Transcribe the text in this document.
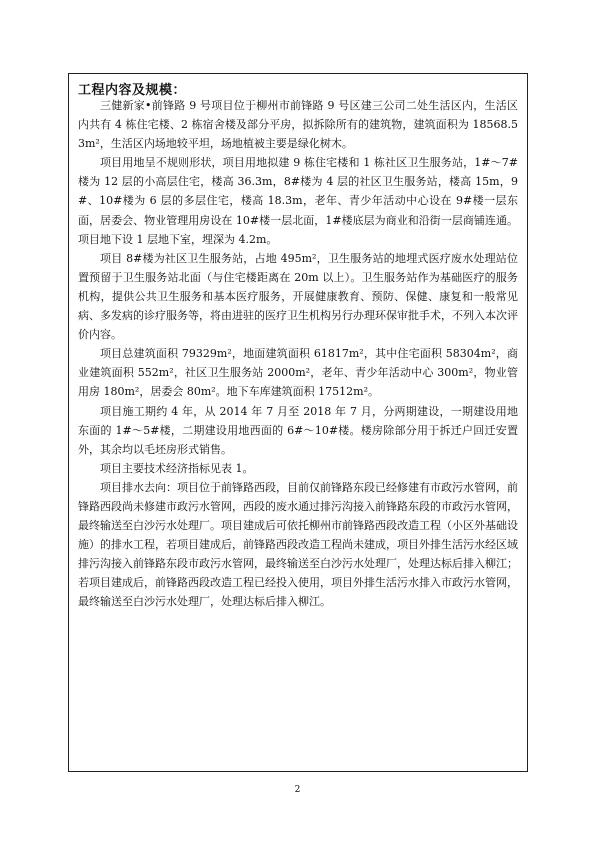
工程内容及规模：

三健新家•前锋路 9 号项目位于柳州市前锋路 9 号区建三公司二处生活区内，生活区内共有 4 栋住宅楼、2 栋宿舍楼及部分平房，拟拆除所有的建筑物，建筑面积为 18568.53m²，生活区内场地较平坦，场地植被主要是绿化树木。

项目用地呈不规则形状，项目用地拟建 9 栋住宅楼和 1 栋社区卫生服务站，1#～7#楼为 12 层的小高层住宅，楼高 36.3m，8#楼为 4 层的社区卫生服务站，楼高 15m，9#、10#楼为 6 层的多层住宅，楼高 18.3m，老年、青少年活动中心设在 9#楼一层东面，居委会、物业管理用房设在 10#楼一层北面，1#楼底层为商业和沿街一层商铺连通。项目地下设 1 层地下室，埋深为 4.2m。

项目 8#楼为社区卫生服务站，占地 495m²，卫生服务站的地埋式医疗废水处理站位置预留于卫生服务站北面（与住宅楼距离在 20m 以上）。卫生服务站作为基础医疗的服务机构，提供公共卫生服务和基本医疗服务，开展健康教育、预防、保健、康复和一般常见病、多发病的诊疗服务等，将由进驻的医疗卫生机构另行办理环保审批手术，不列入本次评价内容。

项目总建筑面积 79329m²，地面建筑面积 61817m²，其中住宅面积 58304m²，商业建筑面积 552m²，社区卫生服务站 2000m²，老年、青少年活动中心 300m²，物业管用房 180m²，居委会 80m²。地下车库建筑面积 17512m²。

项目施工期约 4 年，从 2014 年 7 月至 2018 年 7 月，分两期建设，一期建设用地东面的 1#～5#楼，二期建设用地西面的 6#～10#楼。楼房除部分用于拆迁户回迁安置外，其余均以毛坯房形式销售。

项目主要技术经济指标见表 1。

项目排水去向：项目位于前锋路西段，目前仅前锋路东段已经修建有市政污水管网，前锋路西段尚未修建市政污水管网，西段的废水通过排污沟接入前锋路东段的市政污水管网，最终输送至白沙污水处理厂。项目建成后可依托柳州市前锋路西段改造工程（小区外基础设施）的排水工程，若项目建成后，前锋路西段改造工程尚未建成，项目外排生活污水经区域排污沟接入前锋路东段市政污水管网，最终输送至白沙污水处理厂，处理达标后排入柳江；若项目建成后，前锋路西段改造工程已经投入使用，项目外排生活污水排入市政污水管网，最终输送至白沙污水处理厂，处理达标后排入柳江。

2
